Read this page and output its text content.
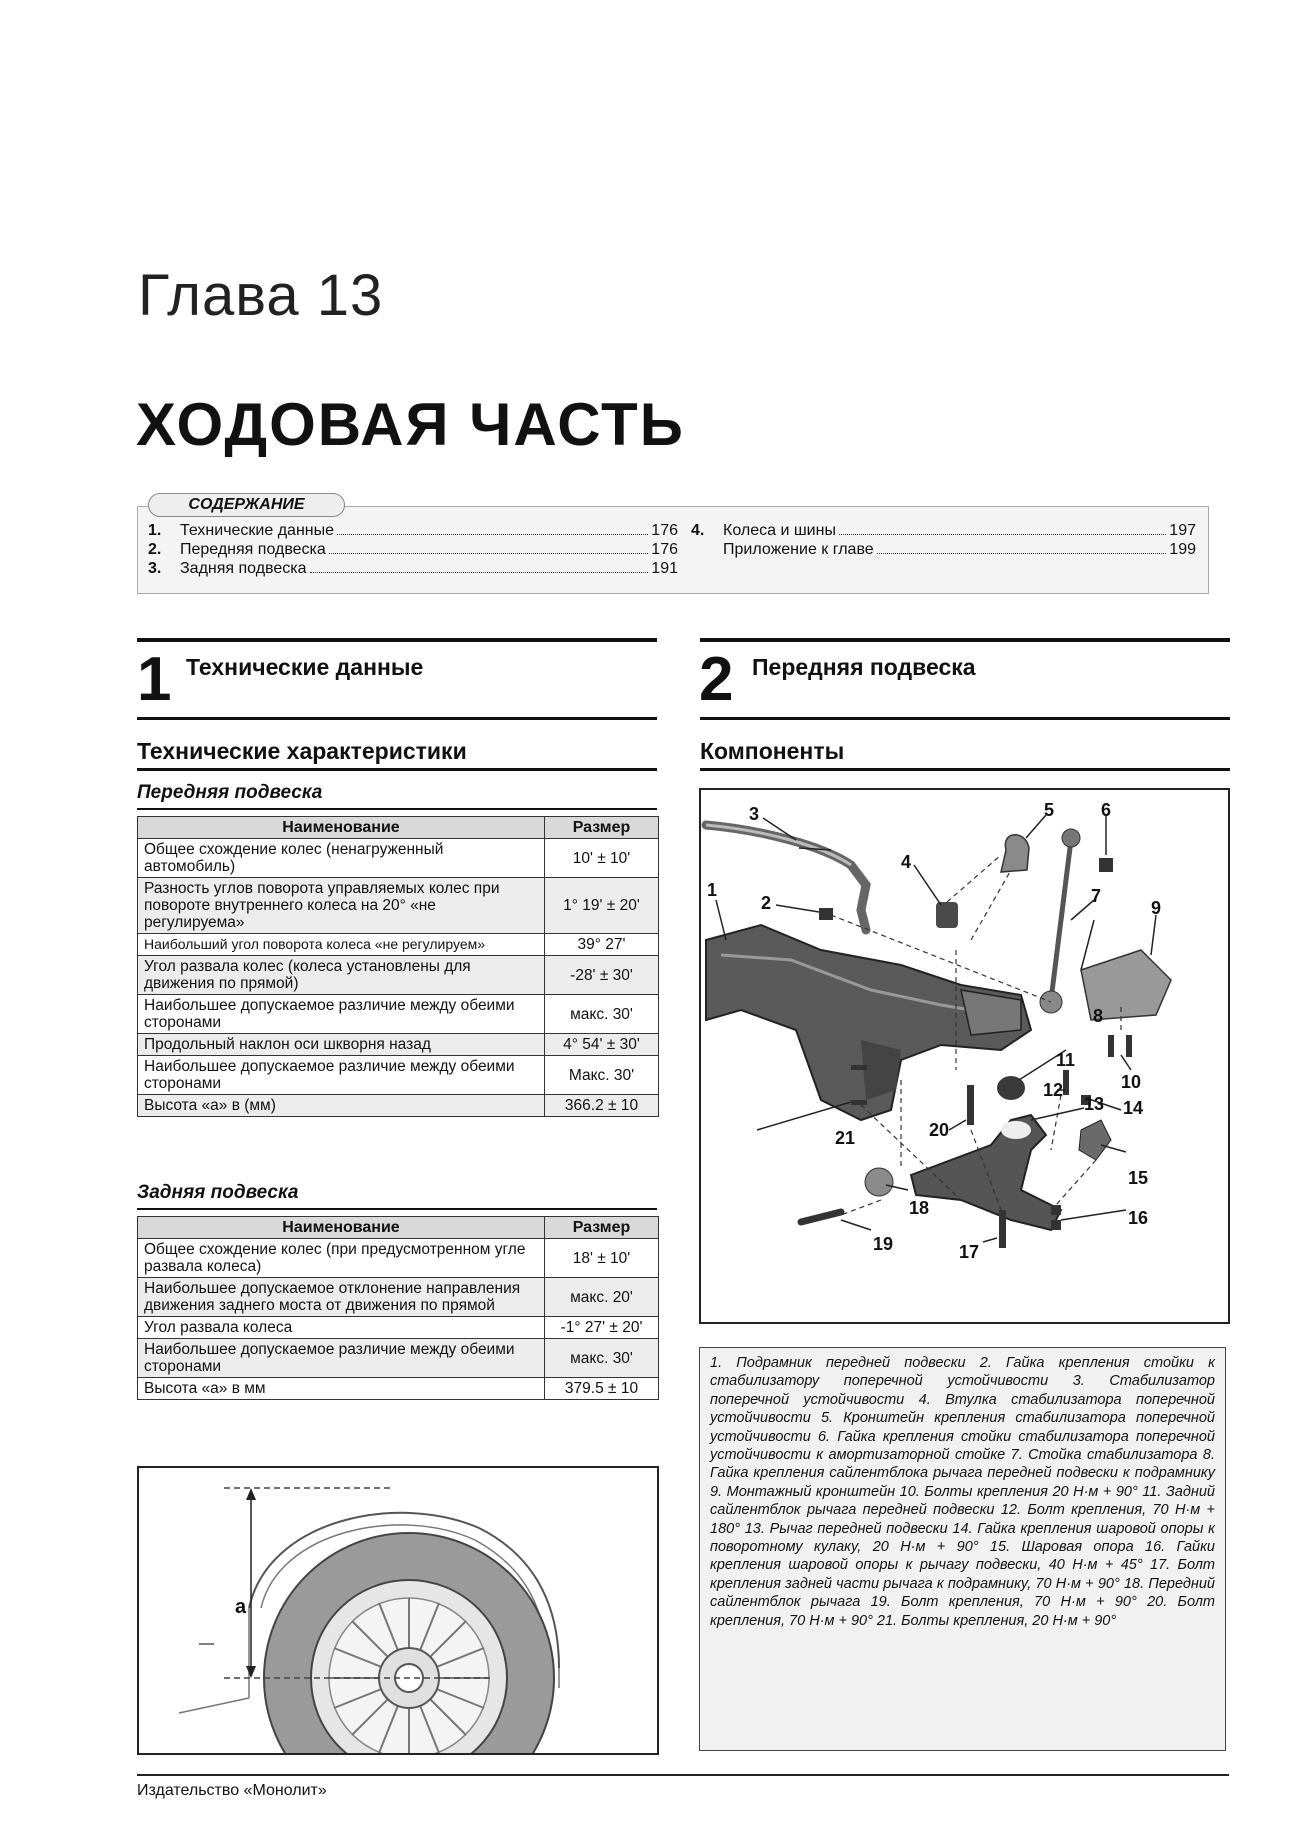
Глава 13
ХОДОВАЯ ЧАСТЬ
1.	Технические данные	176
2.	Передняя подвеска	176
3.	Задняя подвеска	191
4.	Колеса и шины	197
Приложение к главе	199
СОДЕРЖАНИЕ
1 Технические данные
Технические характеристики
Передняя подвеска
Наименование	Размер
Общее схождение колес (ненагруженный автомобиль)	10' ± 10'
Разность углов поворота управляемых колес при повороте внутреннего колеса на 20° «не регулируема»	1° 19' ± 20'
Наибольший угол поворота колеса «не регулируем»	39° 27'
Угол развала колес (колеса установлены для движения по прямой)	-28' ± 30'
Наибольшее допускаемое различие между обеими сторонами	макс. 30'
Продольный наклон оси шкворня назад	4° 54' ± 30'
Наибольшее допускаемое различие между обеими сторонами	Макс. 30'
Высота «a» в (мм)	366.2 ± 10
Задняя подвеска
Наименование	Размер
Общее схождение колес (при предусмотренном угле развала колеса)	18' ± 10'
Наибольшее допускаемое отклонение направления движения заднего моста от движения по прямой	макс. 20'
Угол развала колеса	-1° 27' ± 20'
Наибольшее допускаемое различие между обеими сторонами	макс. 30'
Высота «a» в мм	379.5 ± 10
a
2 Передняя подвеска
Компоненты
3
1
2
4
5	6
7
8
9
10
11
12
13 14
15
16
17
18
19
20
21
1. Подрамник передней подвески 2. Гайка крепления стойки к стабилизатору поперечной устойчивости 3. Стабилизатор поперечной устойчивости 4. Втулка стабилизатора поперечной устойчивости 5. Кронштейн крепления стабилизатора поперечной устойчивости 6. Гайка крепления стойки стабилизатора поперечной устойчивости к амортизаторной стойке 7. Стойка стабилизатора 8. Гайка крепления сайлентблока рычага передней подвески к подрамнику 9. Монтажный кронштейн 10. Болты крепления 20 Н·м + 90° 11. Задний сайлентблок рычага передней подвески 12. Болт крепления, 70 Н·м + 180° 13. Рычаг передней подвески 14. Гайка крепления шаровой опоры к поворотному кулаку, 20 Н·м + 90° 15. Шаровая опора 16. Гайки крепления шаровой опоры к рычагу подвески, 40 Н·м + 45° 17. Болт крепления задней части рычага к подрамнику, 70 Н·м + 90° 18. Передний сайлентблок рычага 19. Болт крепления, 70 Н·м + 90° 20. Болт крепления, 70 Н·м + 90° 21. Болты крепления, 20 Н·м + 90°
Издательство «Монолит»
